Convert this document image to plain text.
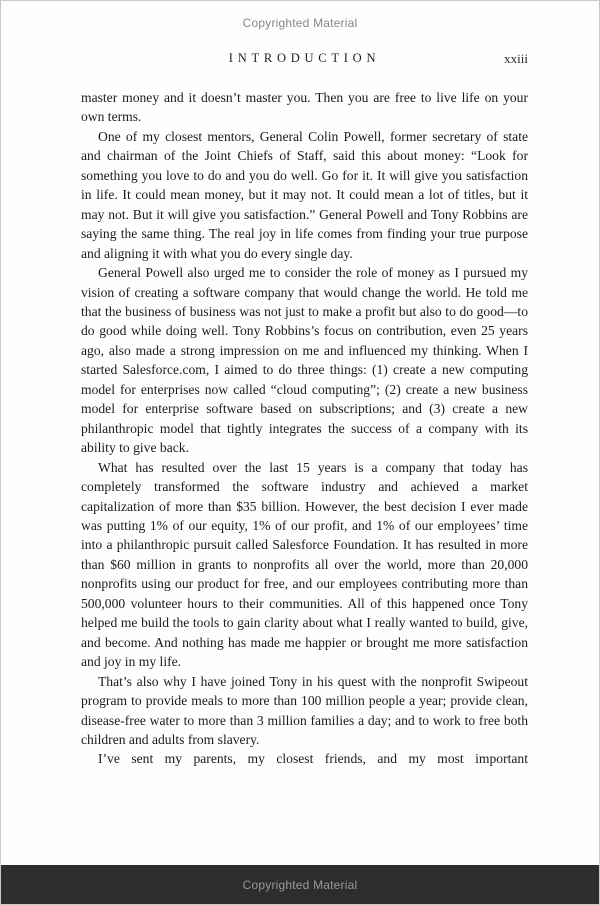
Copyrighted Material
INTRODUCTION	xxiii

master money and it doesn’t master you. Then you are free to live life on your own terms.

One of my closest mentors, General Colin Powell, former secretary of state and chairman of the Joint Chiefs of Staff, said this about money: “Look for something you love to do and you do well. Go for it. It will give you satisfaction in life. It could mean money, but it may not. It could mean a lot of titles, but it may not. But it will give you satisfaction.” General Powell and Tony Robbins are saying the same thing. The real joy in life comes from finding your true purpose and aligning it with what you do every single day.

General Powell also urged me to consider the role of money as I pursued my vision of creating a software company that would change the world. He told me that the business of business was not just to make a profit but also to do good—to do good while doing well. Tony Robbins’s focus on contribution, even 25 years ago, also made a strong impression on me and influenced my thinking. When I started Salesforce.com, I aimed to do three things: (1) create a new computing model for enterprises now called “cloud computing”; (2) create a new business model for enterprise software based on subscriptions; and (3) create a new philanthropic model that tightly integrates the success of a company with its ability to give back.

What has resulted over the last 15 years is a company that today has completely transformed the software industry and achieved a market capitalization of more than $35 billion. However, the best decision I ever made was putting 1% of our equity, 1% of our profit, and 1% of our employees’ time into a philanthropic pursuit called Salesforce Foundation. It has resulted in more than $60 million in grants to nonprofits all over the world, more than 20,000 nonprofits using our product for free, and our employees contributing more than 500,000 volunteer hours to their communities. All of this happened once Tony helped me build the tools to gain clarity about what I really wanted to build, give, and become. And nothing has made me happier or brought me more satisfaction and joy in my life.

That’s also why I have joined Tony in his quest with the nonprofit Swipeout program to provide meals to more than 100 million people a year; provide clean, disease-free water to more than 3 million families a day; and to work to free both children and adults from slavery.

I’ve sent my parents, my closest friends, and my most important

Copyrighted Material
